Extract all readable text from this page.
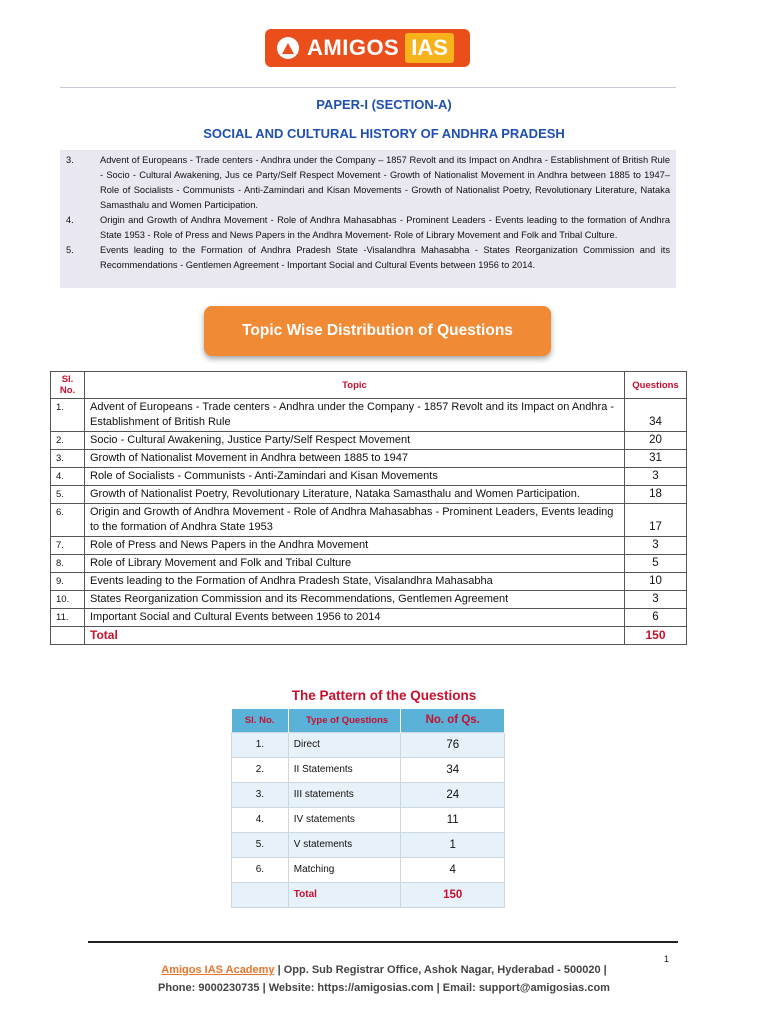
AMIGOS IAS
PAPER-I (SECTION-A)
SOCIAL AND CULTURAL HISTORY OF ANDHRA PRADESH
3.	Advent of Europeans - Trade centers - Andhra under the Company – 1857 Revolt and its Impact on Andhra - Establishment of British Rule - Socio - Cultural Awakening, Jus ce Party/Self Respect Movement - Growth of Nationalist Movement in Andhra between 1885 to 1947– Role of Socialists - Communists - Anti-Zamindari and Kisan Movements - Growth of Nationalist Poetry, Revolutionary Literature, Nataka Samasthalu and Women Participation.
4.	Origin and Growth of Andhra Movement - Role of Andhra Mahasabhas - Prominent Leaders - Events leading to the formation of Andhra State 1953 - Role of Press and News Papers in the Andhra Movement- Role of Library Movement and Folk and Tribal Culture.
5.	Events leading to the Formation of Andhra Pradesh State -Visalandhra Mahasabha - States Reorganization Commission and its Recommendations - Gentlemen Agreement - Important Social and Cultural Events between 1956 to 2014.
Topic Wise Distribution of Questions
Sl. No.	Topic	Questions
1.	Advent of Europeans - Trade centers - Andhra under the Company - 1857 Revolt and its Impact on Andhra - Establishment of British Rule	34
2.	Socio - Cultural Awakening, Justice Party/Self Respect Movement	20
3.	Growth of Nationalist Movement in Andhra between 1885 to 1947	31
4.	Role of Socialists - Communists - Anti-Zamindari and Kisan Movements	3
5.	Growth of Nationalist Poetry, Revolutionary Literature, Nataka Samasthalu and Women Participation.	18
6.	Origin and Growth of Andhra Movement - Role of Andhra Mahasabhas - Prominent Leaders, Events leading to the formation of Andhra State 1953	17
7.	Role of Press and News Papers in the Andhra Movement	3
8.	Role of Library Movement and Folk and Tribal Culture	5
9.	Events leading to the Formation of Andhra Pradesh State, Visalandhra Mahasabha	10
10.	States Reorganization Commission and its Recommendations, Gentlemen Agreement	3
11.	Important Social and Cultural Events between 1956 to 2014	6
	Total	150
The Pattern of the Questions
Sl. No.	Type of Questions	No. of Qs.
1.	Direct	76
2.	II Statements	34
3.	III statements	24
4.	IV statements	11
5.	V statements	1
6.	Matching	4
	Total	150
1
Amigos IAS Academy | Opp. Sub Registrar Office, Ashok Nagar, Hyderabad - 500020 |
Phone: 9000230735 | Website: https://amigosias.com | Email: support@amigosias.com
